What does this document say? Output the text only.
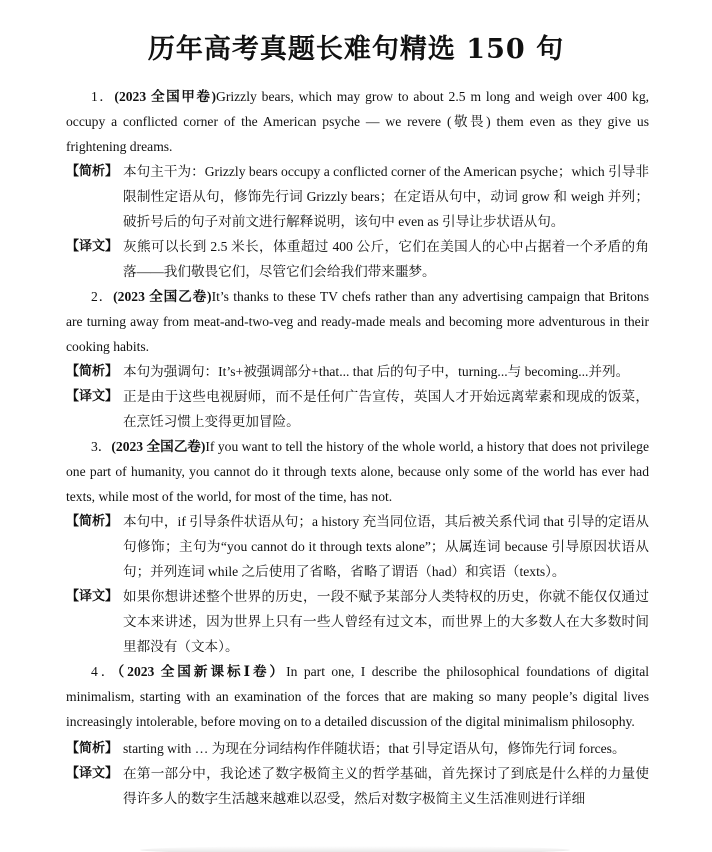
历年高考真题长难句精选 150 句

1．(2023 全国甲卷)Grizzly bears, which may grow to about 2.5 m long and weigh over 400 kg, occupy a conflicted corner of the American psyche — we revere (敬畏) them even as they give us frightening dreams.

【简析】 本句主干为：Grizzly bears occupy a conflicted corner of the American psyche；which 引导非限制性定语从句，修饰先行词 Grizzly bears；在定语从句中，动词 grow 和 weigh 并列；破折号后的句子对前文进行解释说明，该句中 even as 引导让步状语从句。

【译文】 灰熊可以长到 2.5 米长，体重超过 400 公斤，它们在美国人的心中占据着一个矛盾的角落——我们敬畏它们，尽管它们会给我们带来噩梦。

2．(2023 全国乙卷)It’s thanks to these TV chefs rather than any advertising campaign that Britons are turning away from meat-and-two-veg and ready-made meals and becoming more adventurous in their cooking habits.

【简析】 本句为强调句：It’s+被强调部分+that... that 后的句子中，turning...与 becoming...并列。

【译文】 正是由于这些电视厨师，而不是任何广告宣传，英国人才开始远离荤素和现成的饭菜，在烹饪习惯上变得更加冒险。

3．(2023 全国乙卷)If you want to tell the history of the whole world, a history that does not privilege one part of humanity, you cannot do it through texts alone, because only some of the world has ever had texts, while most of the world, for most of the time, has not.

【简析】 本句中，if 引导条件状语从句；a history 充当同位语，其后被关系代词 that 引导的定语从句修饰；主句为“you cannot do it through texts alone”；从属连词 because 引导原因状语从句；并列连词 while 之后使用了省略，省略了谓语（had）和宾语（texts）。

【译文】 如果你想讲述整个世界的历史，一段不赋予某部分人类特权的历史，你就不能仅仅通过文本来讲述，因为世界上只有一些人曾经有过文本，而世界上的大多数人在大多数时间里都没有（文本）。

4．（2023 全国新课标Ⅰ卷）In part one, I describe the philosophical foundations of digital minimalism, starting with an examination of the forces that are making so many people’s digital lives increasingly intolerable, before moving on to a detailed discussion of the digital minimalism philosophy.

【简析】 starting with … 为现在分词结构作伴随状语；that 引导定语从句，修饰先行词 forces。

【译文】 在第一部分中，我论述了数字极简主义的哲学基础，首先探讨了到底是什么样的力量使得许多人的数字生活越来越难以忍受，然后对数字极简主义生活准则进行详细
